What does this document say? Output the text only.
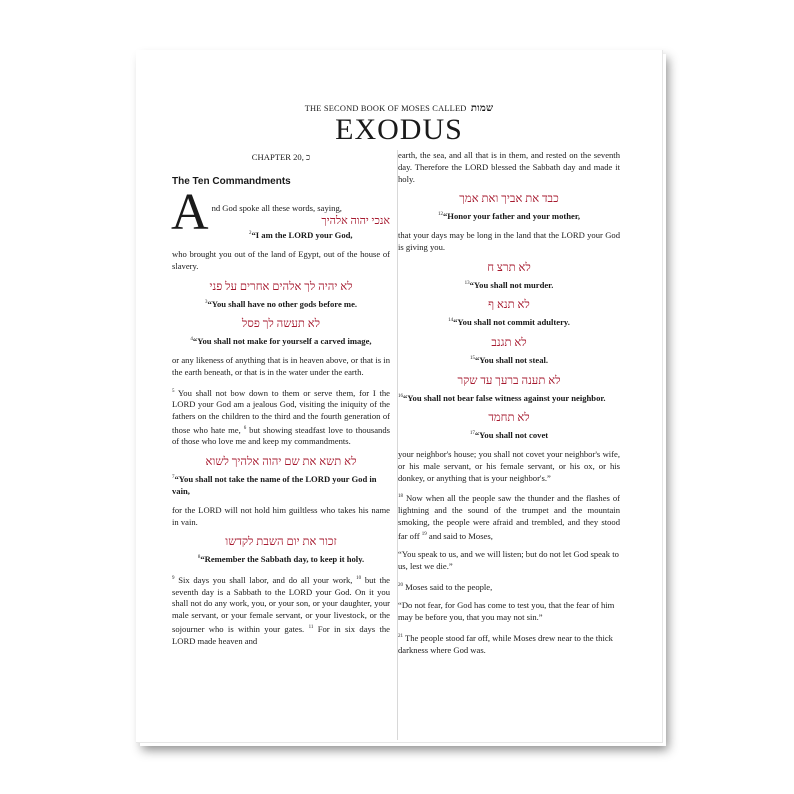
THE SECOND BOOK OF MOSES CALLED שמות
EXODUS
CHAPTER 20, כ
The Ten Commandments
A nd God spoke all these words, saying,
אנכי יהוה אלהיך
$^2$“I am the LORD your God,
who brought you out of the land of Egypt, out of the house of slavery.
לא יהיה לך אלהים אחרים על פני
$^3$“You shall have no other gods before me.
לא תעשה לך פסל
$^4$“You shall not make for yourself a carved image,
or any likeness of anything that is in heaven above, or that is in the earth beneath, or that is in the water under the earth.
$^5$ You shall not bow down to them or serve them, for I the LORD your God am a jealous God, visiting the iniquity of the fathers on the children to the third and the fourth generation of those who hate me, $^6$ but showing steadfast love to thousands of those who love me and keep my commandments.
לא תשא את שם יהוה אלהיך לשוא
$^7$“You shall not take the name of the LORD your God in vain,
for the LORD will not hold him guiltless who takes his name in vain.
זכור את יום השבת לקדשו
$^8$“Remember the Sabbath day, to keep it holy.
$^9$ Six days you shall labor, and do all your work, $^{10}$ but the seventh day is a Sabbath to the LORD your God. On it you shall not do any work, you, or your son, or your daughter, your male servant, or your female servant, or your livestock, or the sojourner who is within your gates. $^{11}$ For in six days the LORD made heaven and
earth, the sea, and all that is in them, and rested on the seventh day. Therefore the LORD blessed the Sabbath day and made it holy.
כבד את אביך ואת אמך
$^{12}$“Honor your father and your mother,
that your days may be long in the land that the LORD your God is giving you.
לא תרצ ח
$^{13}$“You shall not murder.
לא תנא ף
$^{14}$“You shall not commit adultery.
לא תגנב
$^{15}$“You shall not steal.
לא תענה ברעך עד שקר
$^{16}$“You shall not bear false witness against your neighbor.
לא תחמד
$^{17}$“You shall not covet
your neighbor's house; you shall not covet your neighbor's wife, or his male servant, or his female servant, or his ox, or his donkey, or anything that is your neighbor's.”
$^{18}$ Now when all the people saw the thunder and the flashes of lightning and the sound of the trumpet and the mountain smoking, the people were afraid and trembled, and they stood far off $^{19}$ and said to Moses,
“You speak to us, and we will listen; but do not let God speak to us, lest we die.”
$^{20}$ Moses said to the people,
“Do not fear, for God has come to test you, that the fear of him may be before you, that you may not sin.”
$^{21}$ The people stood far off, while Moses drew near to the thick darkness where God was.
